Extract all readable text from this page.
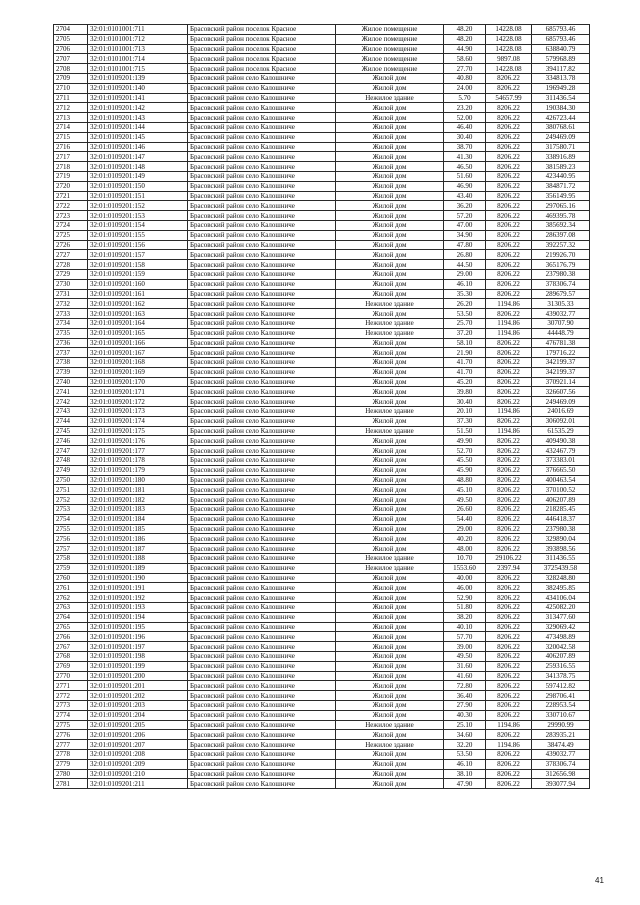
2704	32:01:0101001:711	Брасовский район поселок Красное	Жилое помещение	48.20	14228.08	685793.46
2705	32:01:0101001:712	Брасовский район поселок Красное	Жилое помещение	48.20	14228.08	685793.46
2706	32:01:0101001:713	Брасовский район поселок Красное	Жилое помещение	44.90	14228.08	638840.79
2707	32:01:0101001:714	Брасовский район поселок Красное	Жилое помещение	58.60	9897.08	579968.89
2708	32:01:0101001:715	Брасовский район поселок Красное	Жилое помещение	27.70	14228.08	394117.82
2709	32:01:0109201:139	Брасовский район село Калошниче	Жилой дом	40.80	8206.22	334813.78
2710	32:01:0109201:140	Брасовский район село Калошниче	Жилой дом	24.00	8206.22	196949.28
2711	32:01:0109201:141	Брасовский район село Калошниче	Нежилое здание	5.70	54657.99	311436.54
2712	32:01:0109201:142	Брасовский район село Калошниче	Жилой дом	23.20	8206.22	190384.30
2713	32:01:0109201:143	Брасовский район село Калошниче	Жилой дом	52.00	8206.22	426723.44
2714	32:01:0109201:144	Брасовский район село Калошниче	Жилой дом	46.40	8206.22	380768.61
2715	32:01:0109201:145	Брасовский район село Калошниче	Жилой дом	30.40	8206.22	249469.09
2716	32:01:0109201:146	Брасовский район село Калошниче	Жилой дом	38.70	8206.22	317580.71
2717	32:01:0109201:147	Брасовский район село Калошниче	Жилой дом	41.30	8206.22	338916.89
2718	32:01:0109201:148	Брасовский район село Калошниче	Жилой дом	46.50	8206.22	381589.23
2719	32:01:0109201:149	Брасовский район село Калошниче	Жилой дом	51.60	8206.22	423440.95
2720	32:01:0109201:150	Брасовский район село Калошниче	Жилой дом	46.90	8206.22	384871.72
2721	32:01:0109201:151	Брасовский район село Калошниче	Жилой дом	43.40	8206.22	356149.95
2722	32:01:0109201:152	Брасовский район село Калошниче	Жилой дом	36.20	8206.22	297065.16
2723	32:01:0109201:153	Брасовский район село Калошниче	Жилой дом	57.20	8206.22	469395.78
2724	32:01:0109201:154	Брасовский район село Калошниче	Жилой дом	47.00	8206.22	385692.34
2725	32:01:0109201:155	Брасовский район село Калошниче	Жилой дом	34.90	8206.22	286397.08
2726	32:01:0109201:156	Брасовский район село Калошниче	Жилой дом	47.80	8206.22	392257.32
2727	32:01:0109201:157	Брасовский район село Калошниче	Жилой дом	26.80	8206.22	219926.70
2728	32:01:0109201:158	Брасовский район село Калошниче	Жилой дом	44.50	8206.22	365176.79
2729	32:01:0109201:159	Брасовский район село Калошниче	Жилой дом	29.00	8206.22	237980.38
2730	32:01:0109201:160	Брасовский район село Калошниче	Жилой дом	46.10	8206.22	378306.74
2731	32:01:0109201:161	Брасовский район село Калошниче	Жилой дом	35.30	8206.22	289679.57
2732	32:01:0109201:162	Брасовский район село Калошниче	Нежилое здание	26.20	1194.86	31305.33
2733	32:01:0109201:163	Брасовский район село Калошниче	Жилой дом	53.50	8206.22	439032.77
2734	32:01:0109201:164	Брасовский район село Калошниче	Нежилое здание	25.70	1194.86	30707.90
2735	32:01:0109201:165	Брасовский район село Калошниче	Нежилое здание	37.20	1194.86	44448.79
2736	32:01:0109201:166	Брасовский район село Калошниче	Жилой дом	58.10	8206.22	476781.38
2737	32:01:0109201:167	Брасовский район село Калошниче	Жилой дом	21.90	8206.22	179716.22
2738	32:01:0109201:168	Брасовский район село Калошниче	Жилой дом	41.70	8206.22	342199.37
2739	32:01:0109201:169	Брасовский район село Калошниче	Жилой дом	41.70	8206.22	342199.37
2740	32:01:0109201:170	Брасовский район село Калошниче	Жилой дом	45.20	8206.22	370921.14
2741	32:01:0109201:171	Брасовский район село Калошниче	Жилой дом	39.80	8206.22	326607.56
2742	32:01:0109201:172	Брасовский район село Калошниче	Жилой дом	30.40	8206.22	249469.09
2743	32:01:0109201:173	Брасовский район село Калошниче	Нежилое здание	20.10	1194.86	24016.69
2744	32:01:0109201:174	Брасовский район село Калошниче	Жилой дом	37.30	8206.22	306092.01
2745	32:01:0109201:175	Брасовский район село Калошниче	Нежилое здание	51.50	1194.86	61535.29
2746	32:01:0109201:176	Брасовский район село Калошниче	Жилой дом	49.90	8206.22	409490.38
2747	32:01:0109201:177	Брасовский район село Калошниче	Жилой дом	52.70	8206.22	432467.79
2748	32:01:0109201:178	Брасовский район село Калошниче	Жилой дом	45.50	8206.22	373383.01
2749	32:01:0109201:179	Брасовский район село Калошниче	Жилой дом	45.90	8206.22	376665.50
2750	32:01:0109201:180	Брасовский район село Калошниче	Жилой дом	48.80	8206.22	400463.54
2751	32:01:0109201:181	Брасовский район село Калошниче	Жилой дом	45.10	8206.22	370100.52
2752	32:01:0109201:182	Брасовский район село Калошниче	Жилой дом	49.50	8206.22	406207.89
2753	32:01:0109201:183	Брасовский район село Калошниче	Жилой дом	26.60	8206.22	218285.45
2754	32:01:0109201:184	Брасовский район село Калошниче	Жилой дом	54.40	8206.22	446418.37
2755	32:01:0109201:185	Брасовский район село Калошниче	Жилой дом	29.00	8206.22	237980.38
2756	32:01:0109201:186	Брасовский район село Калошниче	Жилой дом	40.20	8206.22	329890.04
2757	32:01:0109201:187	Брасовский район село Калошниче	Жилой дом	48.00	8206.22	393898.56
2758	32:01:0109201:188	Брасовский район село Калошниче	Нежилое здание	10.70	29106.22	311436.55
2759	32:01:0109201:189	Брасовский район село Калошниче	Нежилое здание	1553.60	2397.94	3725439.58
2760	32:01:0109201:190	Брасовский район село Калошниче	Жилой дом	40.00	8206.22	328248.80
2761	32:01:0109201:191	Брасовский район село Калошниче	Жилой дом	46.00	8206.22	382495.85
2762	32:01:0109201:192	Брасовский район село Калошниче	Жилой дом	52.90	8206.22	434106.04
2763	32:01:0109201:193	Брасовский район село Калошниче	Жилой дом	51.80	8206.22	425082.20
2764	32:01:0109201:194	Брасовский район село Калошниче	Жилой дом	38.20	8206.22	313477.60
2765	32:01:0109201:195	Брасовский район село Калошниче	Жилой дом	40.10	8206.22	329069.42
2766	32:01:0109201:196	Брасовский район село Калошниче	Жилой дом	57.70	8206.22	473498.89
2767	32:01:0109201:197	Брасовский район село Калошниче	Жилой дом	39.00	8206.22	320042.58
2768	32:01:0109201:198	Брасовский район село Калошниче	Жилой дом	49.50	8206.22	406207.89
2769	32:01:0109201:199	Брасовский район село Калошниче	Жилой дом	31.60	8206.22	259316.55
2770	32:01:0109201:200	Брасовский район село Калошниче	Жилой дом	41.60	8206.22	341378.75
2771	32:01:0109201:201	Брасовский район село Калошниче	Жилой дом	72.80	8206.22	597412.82
2772	32:01:0109201:202	Брасовский район село Калошниче	Жилой дом	36.40	8206.22	298706.41
2773	32:01:0109201:203	Брасовский район село Калошниче	Жилой дом	27.90	8206.22	228953.54
2774	32:01:0109201:204	Брасовский район село Калошниче	Жилой дом	40.30	8206.22	330710.67
2775	32:01:0109201:205	Брасовский район село Калошниче	Нежилое здание	25.10	1194.86	29990.99
2776	32:01:0109201:206	Брасовский район село Калошниче	Жилой дом	34.60	8206.22	283935.21
2777	32:01:0109201:207	Брасовский район село Калошниче	Нежилое здание	32.20	1194.86	38474.49
2778	32:01:0109201:208	Брасовский район село Калошниче	Жилой дом	53.50	8206.22	439032.77
2779	32:01:0109201:209	Брасовский район село Калошниче	Жилой дом	46.10	8206.22	378306.74
2780	32:01:0109201:210	Брасовский район село Калошниче	Жилой дом	38.10	8206.22	312656.98
2781	32:01:0109201:211	Брасовский район село Калошниче	Жилой дом	47.90	8206.22	393077.94
41
